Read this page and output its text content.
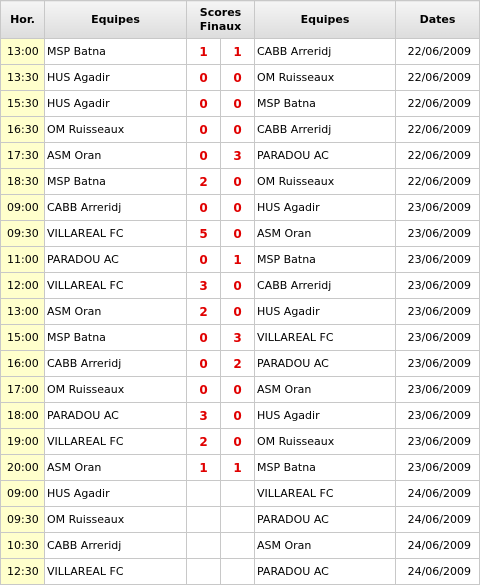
Hor.	Equipes	Scores
Finaux		Equipes	Dates
13:00	MSP Batna	1	1	CABB Arreridj	22/06/2009
13:30	HUS Agadir	0	0	OM Ruisseaux	22/06/2009
15:30	HUS Agadir	0	0	MSP Batna	22/06/2009
16:30	OM Ruisseaux	0	0	CABB Arreridj	22/06/2009
17:30	ASM Oran	0	3	PARADOU AC	22/06/2009
18:30	MSP Batna	2	0	OM Ruisseaux	22/06/2009
09:00	CABB Arreridj	0	0	HUS Agadir	23/06/2009
09:30	VILLAREAL FC	5	0	ASM Oran	23/06/2009
11:00	PARADOU AC	0	1	MSP Batna	23/06/2009
12:00	VILLAREAL FC	3	0	CABB Arreridj	23/06/2009
13:00	ASM Oran	2	0	HUS Agadir	23/06/2009
15:00	MSP Batna	0	3	VILLAREAL FC	23/06/2009
16:00	CABB Arreridj	0	2	PARADOU AC	23/06/2009
17:00	OM Ruisseaux	0	0	ASM Oran	23/06/2009
18:00	PARADOU AC	3	0	HUS Agadir	23/06/2009
19:00	VILLAREAL FC	2	0	OM Ruisseaux	23/06/2009
20:00	ASM Oran	1	1	MSP Batna	23/06/2009
09:00	HUS Agadir			VILLAREAL FC	24/06/2009
09:30	OM Ruisseaux			PARADOU AC	24/06/2009
10:30	CABB Arreridj			ASM Oran	24/06/2009
12:30	VILLAREAL FC			PARADOU AC	24/06/2009
